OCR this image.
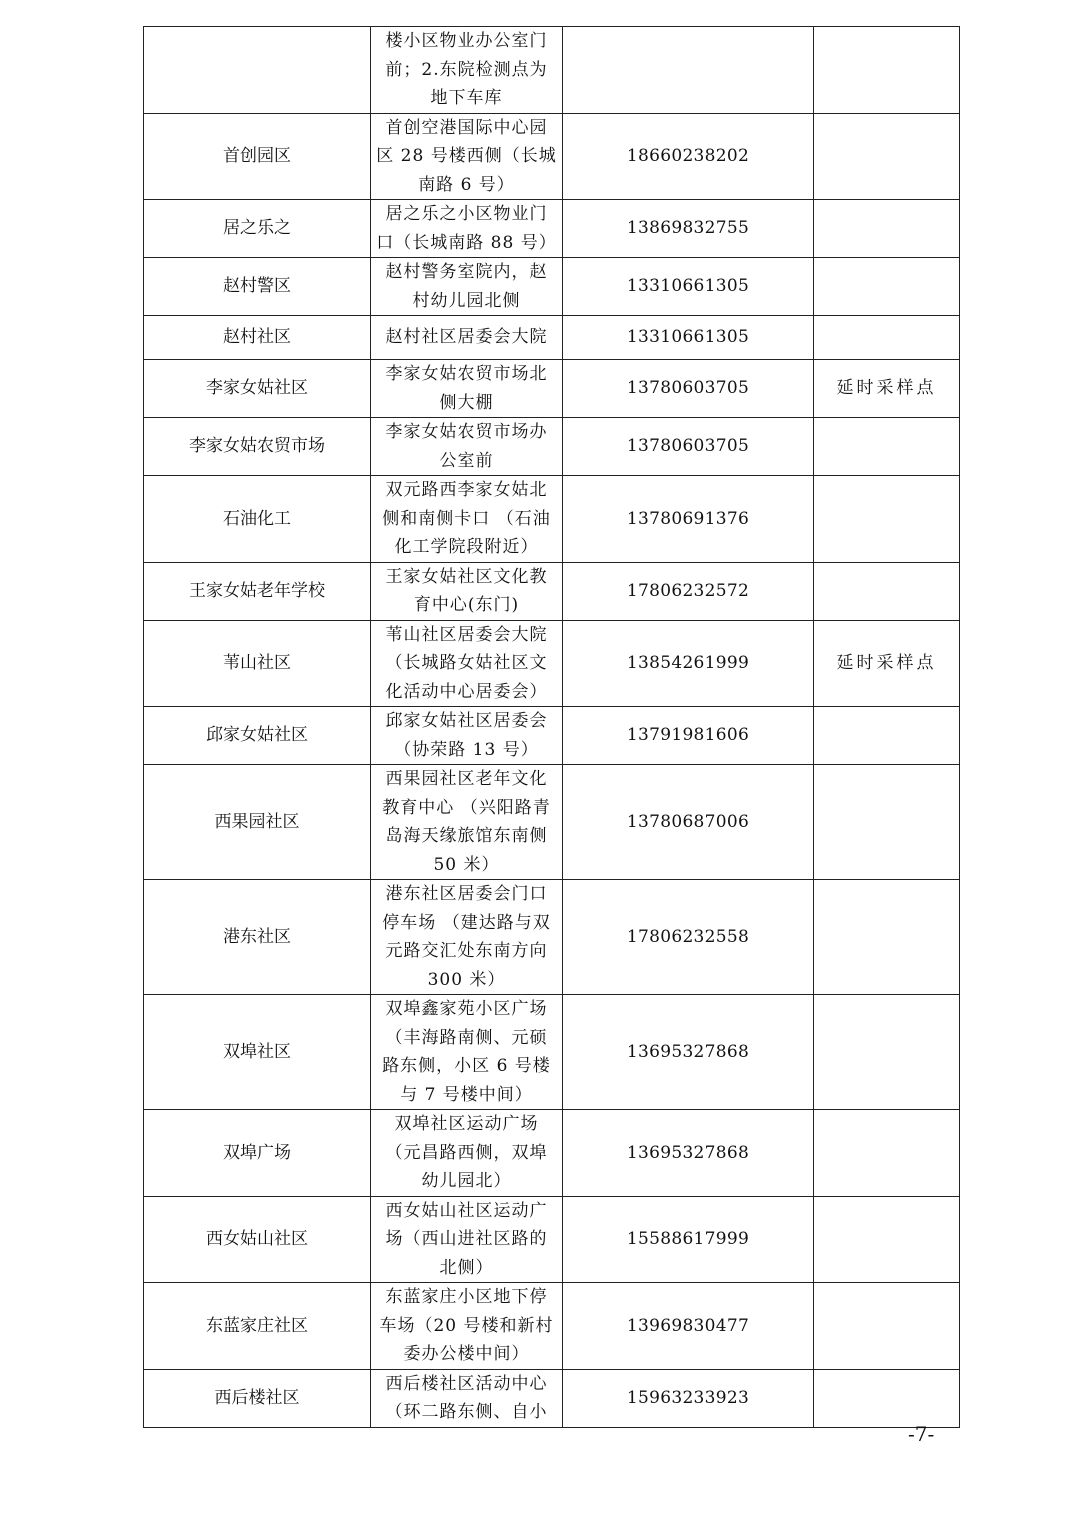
	楼小区物业办公室门
前；2.东院检测点为
地下车库		

首创园区	首创空港国际中心园
区 28 号楼西侧（长城
南路 6 号）	18660238202	
居之乐之	居之乐之小区物业门
口（长城南路 88 号）	13869832755	
赵村警区	赵村警务室院内，赵
村幼儿园北侧	13310661305	
赵村社区	赵村社区居委会大院	13310661305	
李家女姑社区	李家女姑农贸市场北
侧大棚	13780603705	延时采样点
李家女姑农贸市场	李家女姑农贸市场办
公室前	13780603705	
石油化工	双元路西李家女姑北
侧和南侧卡口 （石油
化工学院段附近）	13780691376	
王家女姑老年学校	王家女姑社区文化教
育中心(东门)	17806232572	
苇山社区	苇山社区居委会大院
（长城路女姑社区文
化活动中心居委会）	13854261999	延时采样点
邱家女姑社区	邱家女姑社区居委会
（协荣路 13 号）	13791981606	
西果园社区	西果园社区老年文化
教育中心 （兴阳路青
岛海天缘旅馆东南侧
50 米）	13780687006	
港东社区	港东社区居委会门口
停车场 （建达路与双
元路交汇处东南方向
300 米）	17806232558	
双埠社区	双埠鑫家苑小区广场
（丰海路南侧、元硕
路东侧，小区 6 号楼
与 7 号楼中间）	13695327868	
双埠广场	双埠社区运动广场
（元昌路西侧，双埠
幼儿园北）	13695327868	
西女姑山社区	西女姑山社区运动广
场（西山进社区路的
北侧）	15588617999	
东蓝家庄社区	东蓝家庄小区地下停
车场（20 号楼和新村
委办公楼中间）	13969830477	
西后楼社区	西后楼社区活动中心
（环二路东侧、自小	15963233923	
-7-
